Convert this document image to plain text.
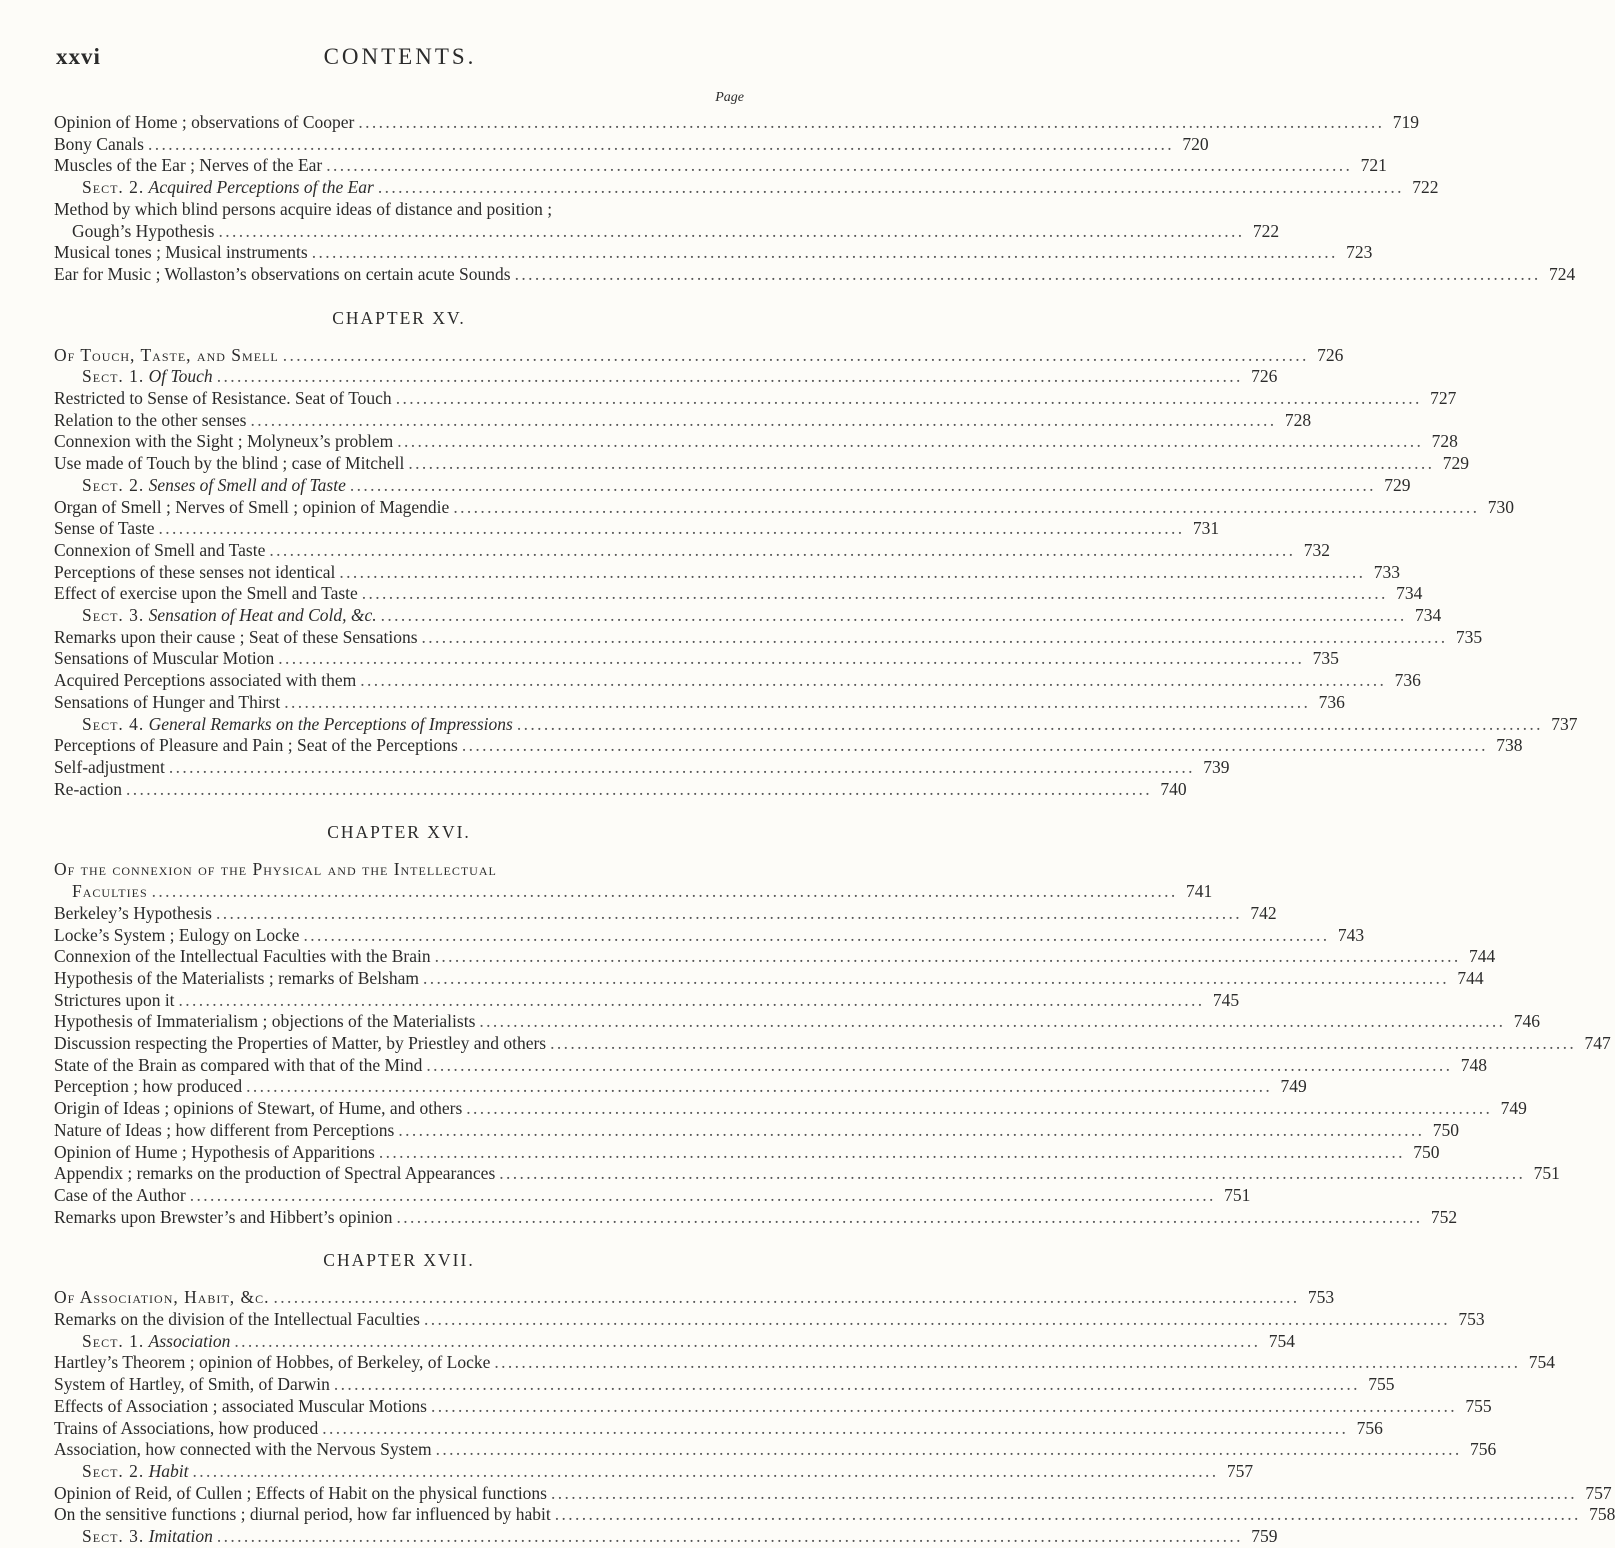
xxvi	CONTENTS.
Page
Opinion of Home ; observations of Cooper . . .	719
Bony Canals . . .	720
Muscles of the Ear ; Nerves of the Ear . . .	721
Sect. 2. Acquired Perceptions of the Ear . . .	722
Method by which blind persons acquire ideas of distance and position ;
Gough’s Hypothesis . . .	722
Musical tones ; Musical instruments . . .	723
Ear for Music ; Wollaston’s observations on certain acute Sounds . . .	724
CHAPTER XV.
Of Touch, Taste, and Smell . . .	726
Sect. 1. Of Touch . . .	726
Restricted to Sense of Resistance. Seat of Touch . . .	727
Relation to the other senses . . .	728
Connexion with the Sight ; Molyneux’s problem . . .	728
Use made of Touch by the blind ; case of Mitchell . . .	729
Sect. 2. Senses of Smell and of Taste . . .	729
Organ of Smell ; Nerves of Smell ; opinion of Magendie . . .	730
Sense of Taste . . .	731
Connexion of Smell and Taste . . .	732
Perceptions of these senses not identical . . .	733
Effect of exercise upon the Smell and Taste . . .	734
Sect. 3. Sensation of Heat and Cold, &c. . . .	734
Remarks upon their cause ; Seat of these Sensations . . .	735
Sensations of Muscular Motion . . .	735
Acquired Perceptions associated with them . . .	736
Sensations of Hunger and Thirst . . .	736
Sect. 4. General Remarks on the Perceptions of Impressions . . .	737
Perceptions of Pleasure and Pain ; Seat of the Perceptions . . .	738
Self-adjustment . . .	739
Re-action . . .	740
CHAPTER XVI.
Of the connexion of the Physical and the Intellectual
Faculties . . .	741
Berkeley’s Hypothesis . . .	742
Locke’s System ; Eulogy on Locke . . .	743
Connexion of the Intellectual Faculties with the Brain . . .	744
Hypothesis of the Materialists ; remarks of Belsham . . .	744
Strictures upon it . . .	745
Hypothesis of Immaterialism ; objections of the Materialists . . .	746
Discussion respecting the Properties of Matter, by Priestley and others . . .	747
State of the Brain as compared with that of the Mind . . .	748
Perception ; how produced . . .	749
Origin of Ideas ; opinions of Stewart, of Hume, and others . . .	749
Nature of Ideas ; how different from Perceptions . . .	750
Opinion of Hume ; Hypothesis of Apparitions . . .	750
Appendix ; remarks on the production of Spectral Appearances . . .	751
Case of the Author . . .	751
Remarks upon Brewster’s and Hibbert’s opinion . . .	752
CHAPTER XVII.
Of Association, Habit, &c. . . .	753
Remarks on the division of the Intellectual Faculties . . .	753
Sect. 1. Association . . .	754
Hartley’s Theorem ; opinion of Hobbes, of Berkeley, of Locke . . .	754
System of Hartley, of Smith, of Darwin . . .	755
Effects of Association ; associated Muscular Motions . . .	755
Trains of Associations, how produced . . .	756
Association, how connected with the Nervous System . . .	756
Sect. 2. Habit . . .	757
Opinion of Reid, of Cullen ; Effects of Habit on the physical functions . . .	757
On the sensitive functions ; diurnal period, how far influenced by habit . . .	758
Sect. 3. Imitation . . .	759
